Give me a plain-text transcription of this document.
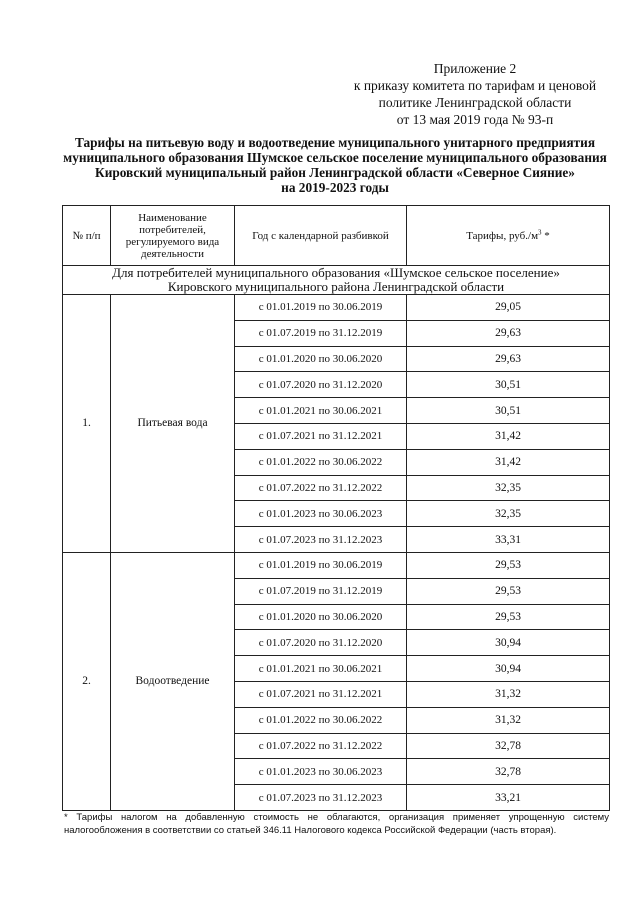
Приложение 2
к приказу комитета по тарифам и ценовой
политике Ленинградской области
от 13 мая 2019 года № 93-п
Тарифы на питьевую воду и водоотведение муниципального унитарного предприятия
муниципального образования Шумское сельское поселение муниципального образования
Кировский муниципальный район Ленинградской области «Северное Сияние»
на 2019-2023 годы
№ п/п	Наименование потребителей, регулируемого вида деятельности	Год с календарной разбивкой	Тарифы, $руб./м^3$ *

Для потребителей муниципального образования «Шумское сельское поселение»
Кировского муниципального района Ленинградской области			

1.	Питьевая вода	с 01.01.2019 по 30.06.2019	29,05
		с 01.07.2019 по 31.12.2019	29,63
		с 01.01.2020 по 30.06.2020	29,63
		с 01.07.2020 по 31.12.2020	30,51
		с 01.01.2021 по 30.06.2021	30,51
		с 01.07.2021 по 31.12.2021	31,42
		с 01.01.2022 по 30.06.2022	31,42
		с 01.07.2022 по 31.12.2022	32,35
		с 01.01.2023 по 30.06.2023	32,35
		с 01.07.2023 по 31.12.2023	33,31
2.	Водоотведение	с 01.01.2019 по 30.06.2019	29,53
		с 01.07.2019 по 31.12.2019	29,53
		с 01.01.2020 по 30.06.2020	29,53
		с 01.07.2020 по 31.12.2020	30,94
		с 01.01.2021 по 30.06.2021	30,94
		с 01.07.2021 по 31.12.2021	31,32
		с 01.01.2022 по 30.06.2022	31,32
		с 01.07.2022 по 31.12.2022	32,78
		с 01.01.2023 по 30.06.2023	32,78
		с 01.07.2023 по 31.12.2023	33,21
* Тарифы налогом на добавленную стоимость не облагаются, организация применяет упрощенную систему налогообложения в соответствии со статьей 346.11 Налогового кодекса Российской Федерации (часть вторая).
